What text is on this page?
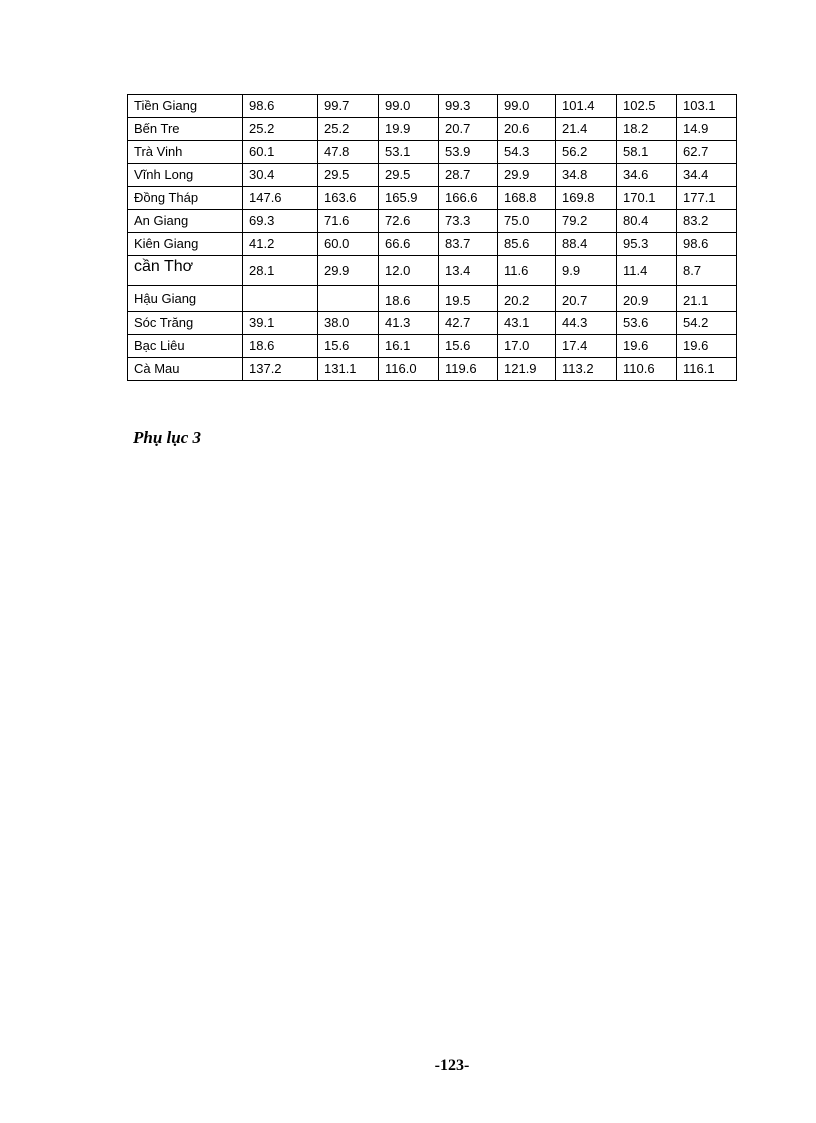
Tiền Giang	98.6	99.7	99.0	99.3	99.0	101.4	102.5	103.1
Bến Tre	25.2	25.2	19.9	20.7	20.6	21.4	18.2	14.9
Trà Vinh	60.1	47.8	53.1	53.9	54.3	56.2	58.1	62.7
Vĩnh Long	30.4	29.5	29.5	28.7	29.9	34.8	34.6	34.4
Đồng Tháp	147.6	163.6	165.9	166.6	168.8	169.8	170.1	177.1
An Giang	69.3	71.6	72.6	73.3	75.0	79.2	80.4	83.2
Kiên Giang	41.2	60.0	66.6	83.7	85.6	88.4	95.3	98.6
cần Thơ	28.1	29.9	12.0	13.4	11.6	9.9	11.4	8.7
Hậu Giang			18.6	19.5	20.2	20.7	20.9	21.1
Sóc Trăng	39.1	38.0	41.3	42.7	43.1	44.3	53.6	54.2
Bạc Liêu	18.6	15.6	16.1	15.6	17.0	17.4	19.6	19.6
Cà Mau	137.2	131.1	116.0	119.6	121.9	113.2	110.6	116.1
Phụ lục 3
-123-
